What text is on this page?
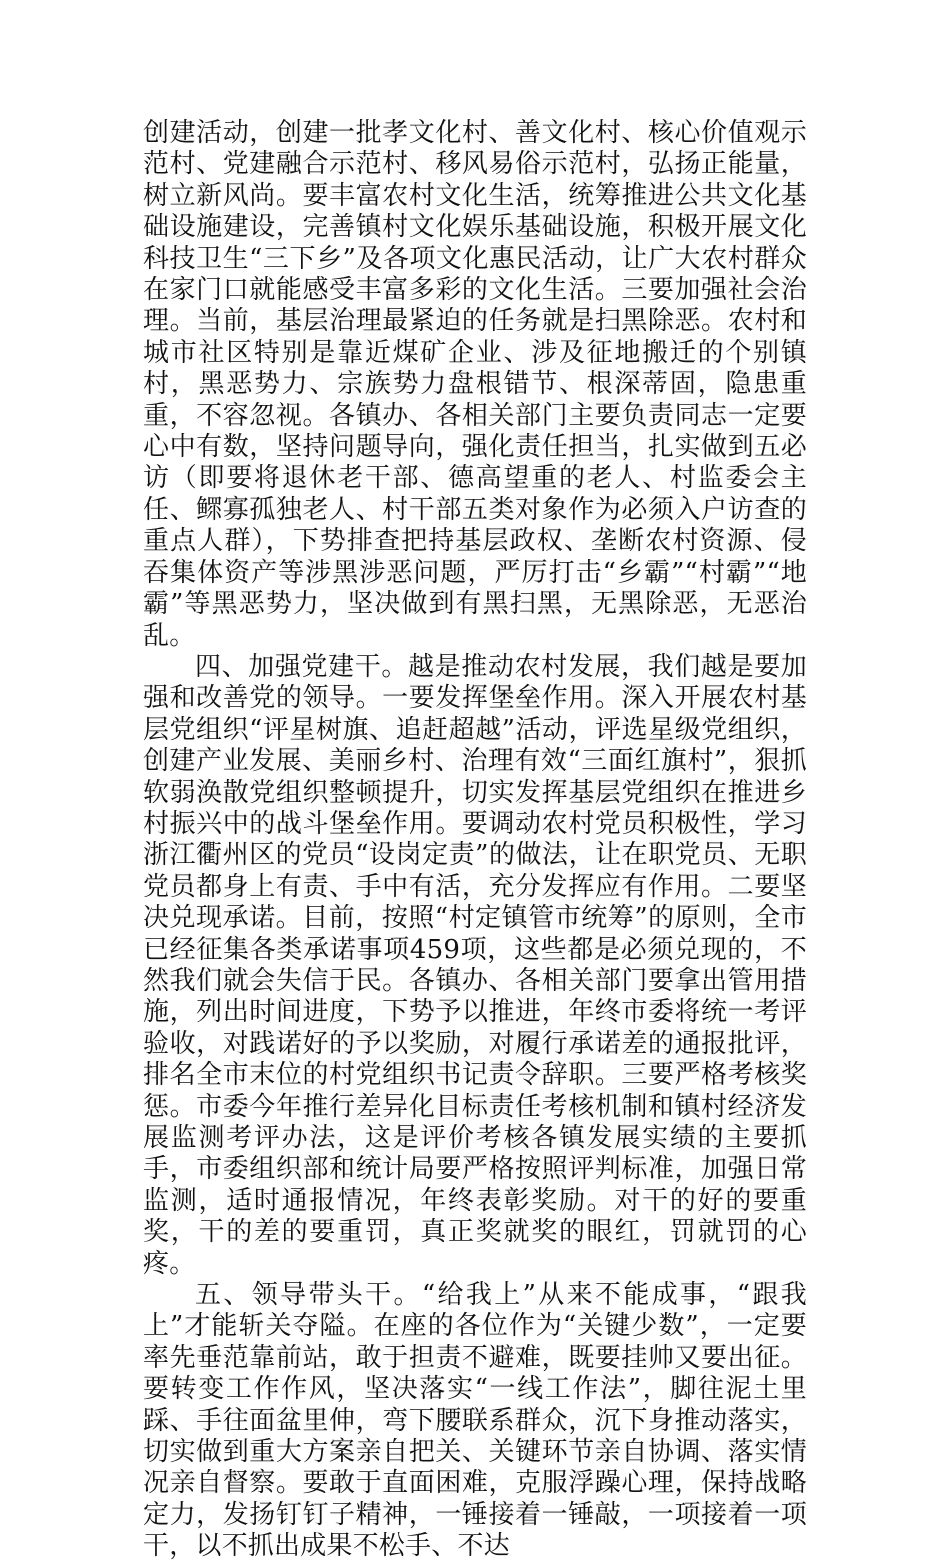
创建活动，创建一批孝文化村、善文化村、核心价值观示范村、党建融合示范村、移风易俗示范村，弘扬正能量，树立新风尚。要丰富农村文化生活，统筹推进公共文化基础设施建设，完善镇村文化娱乐基础设施，积极开展文化科技卫生“三下乡”及各项文化惠民活动，让广大农村群众在家门口就能感受丰富多彩的文化生活。三要加强社会治理。当前，基层治理最紧迫的任务就是扫黑除恶。农村和城市社区特别是靠近煤矿企业、涉及征地搬迁的个别镇村，黑恶势力、宗族势力盘根错节、根深蒂固，隐患重重，不容忽视。各镇办、各相关部门主要负责同志一定要心中有数，坚持问题导向，强化责任担当，扎实做到五必访（即要将退休老干部、德高望重的老人、村监委会主任、鳏寡孤独老人、村干部五类对象作为必须入户访查的重点人群），下势排查把持基层政权、垄断农村资源、侵吞集体资产等涉黑涉恶问题，严厉打击“乡霸”“村霸”“地霸”等黑恶势力，坚决做到有黑扫黑，无黑除恶，无恶治乱。

四、加强党建干。越是推动农村发展，我们越是要加强和改善党的领导。一要发挥堡垒作用。深入开展农村基层党组织“评星树旗、追赶超越”活动，评选星级党组织，创建产业发展、美丽乡村、治理有效“三面红旗村”，狠抓软弱涣散党组织整顿提升，切实发挥基层党组织在推进乡村振兴中的战斗堡垒作用。要调动农村党员积极性，学习浙江衢州区的党员“设岗定责”的做法，让在职党员、无职党员都身上有责、手中有活，充分发挥应有作用。二要坚决兑现承诺。目前，按照“村定镇管市统筹”的原则，全市已经征集各类承诺事项459项，这些都是必须兑现的，不然我们就会失信于民。各镇办、各相关部门要拿出管用措施，列出时间进度，下势予以推进，年终市委将统一考评验收，对践诺好的予以奖励，对履行承诺差的通报批评，排名全市末位的村党组织书记责令辞职。三要严格考核奖惩。市委今年推行差异化目标责任考核机制和镇村经济发展监测考评办法，这是评价考核各镇发展实绩的主要抓手，市委组织部和统计局要严格按照评判标准，加强日常监测，适时通报情况，年终表彰奖励。对干的好的要重奖，干的差的要重罚，真正奖就奖的眼红，罚就罚的心疼。

五、领导带头干。“给我上”从来不能成事，“跟我上”才能斩关夺隘。在座的各位作为“关键少数”，一定要率先垂范靠前站，敢于担责不避难，既要挂帅又要出征。要转变工作作风，坚决落实“一线工作法”，脚往泥土里踩、手往面盆里伸，弯下腰联系群众，沉下身推动落实，切实做到重大方案亲自把关、关键环节亲自协调、落实情况亲自督察。要敢于直面困难，克服浮躁心理，保持战略定力，发扬钉钉子精神，一锤接着一锤敲，一项接着一项干，以不抓出成果不松手、不达
